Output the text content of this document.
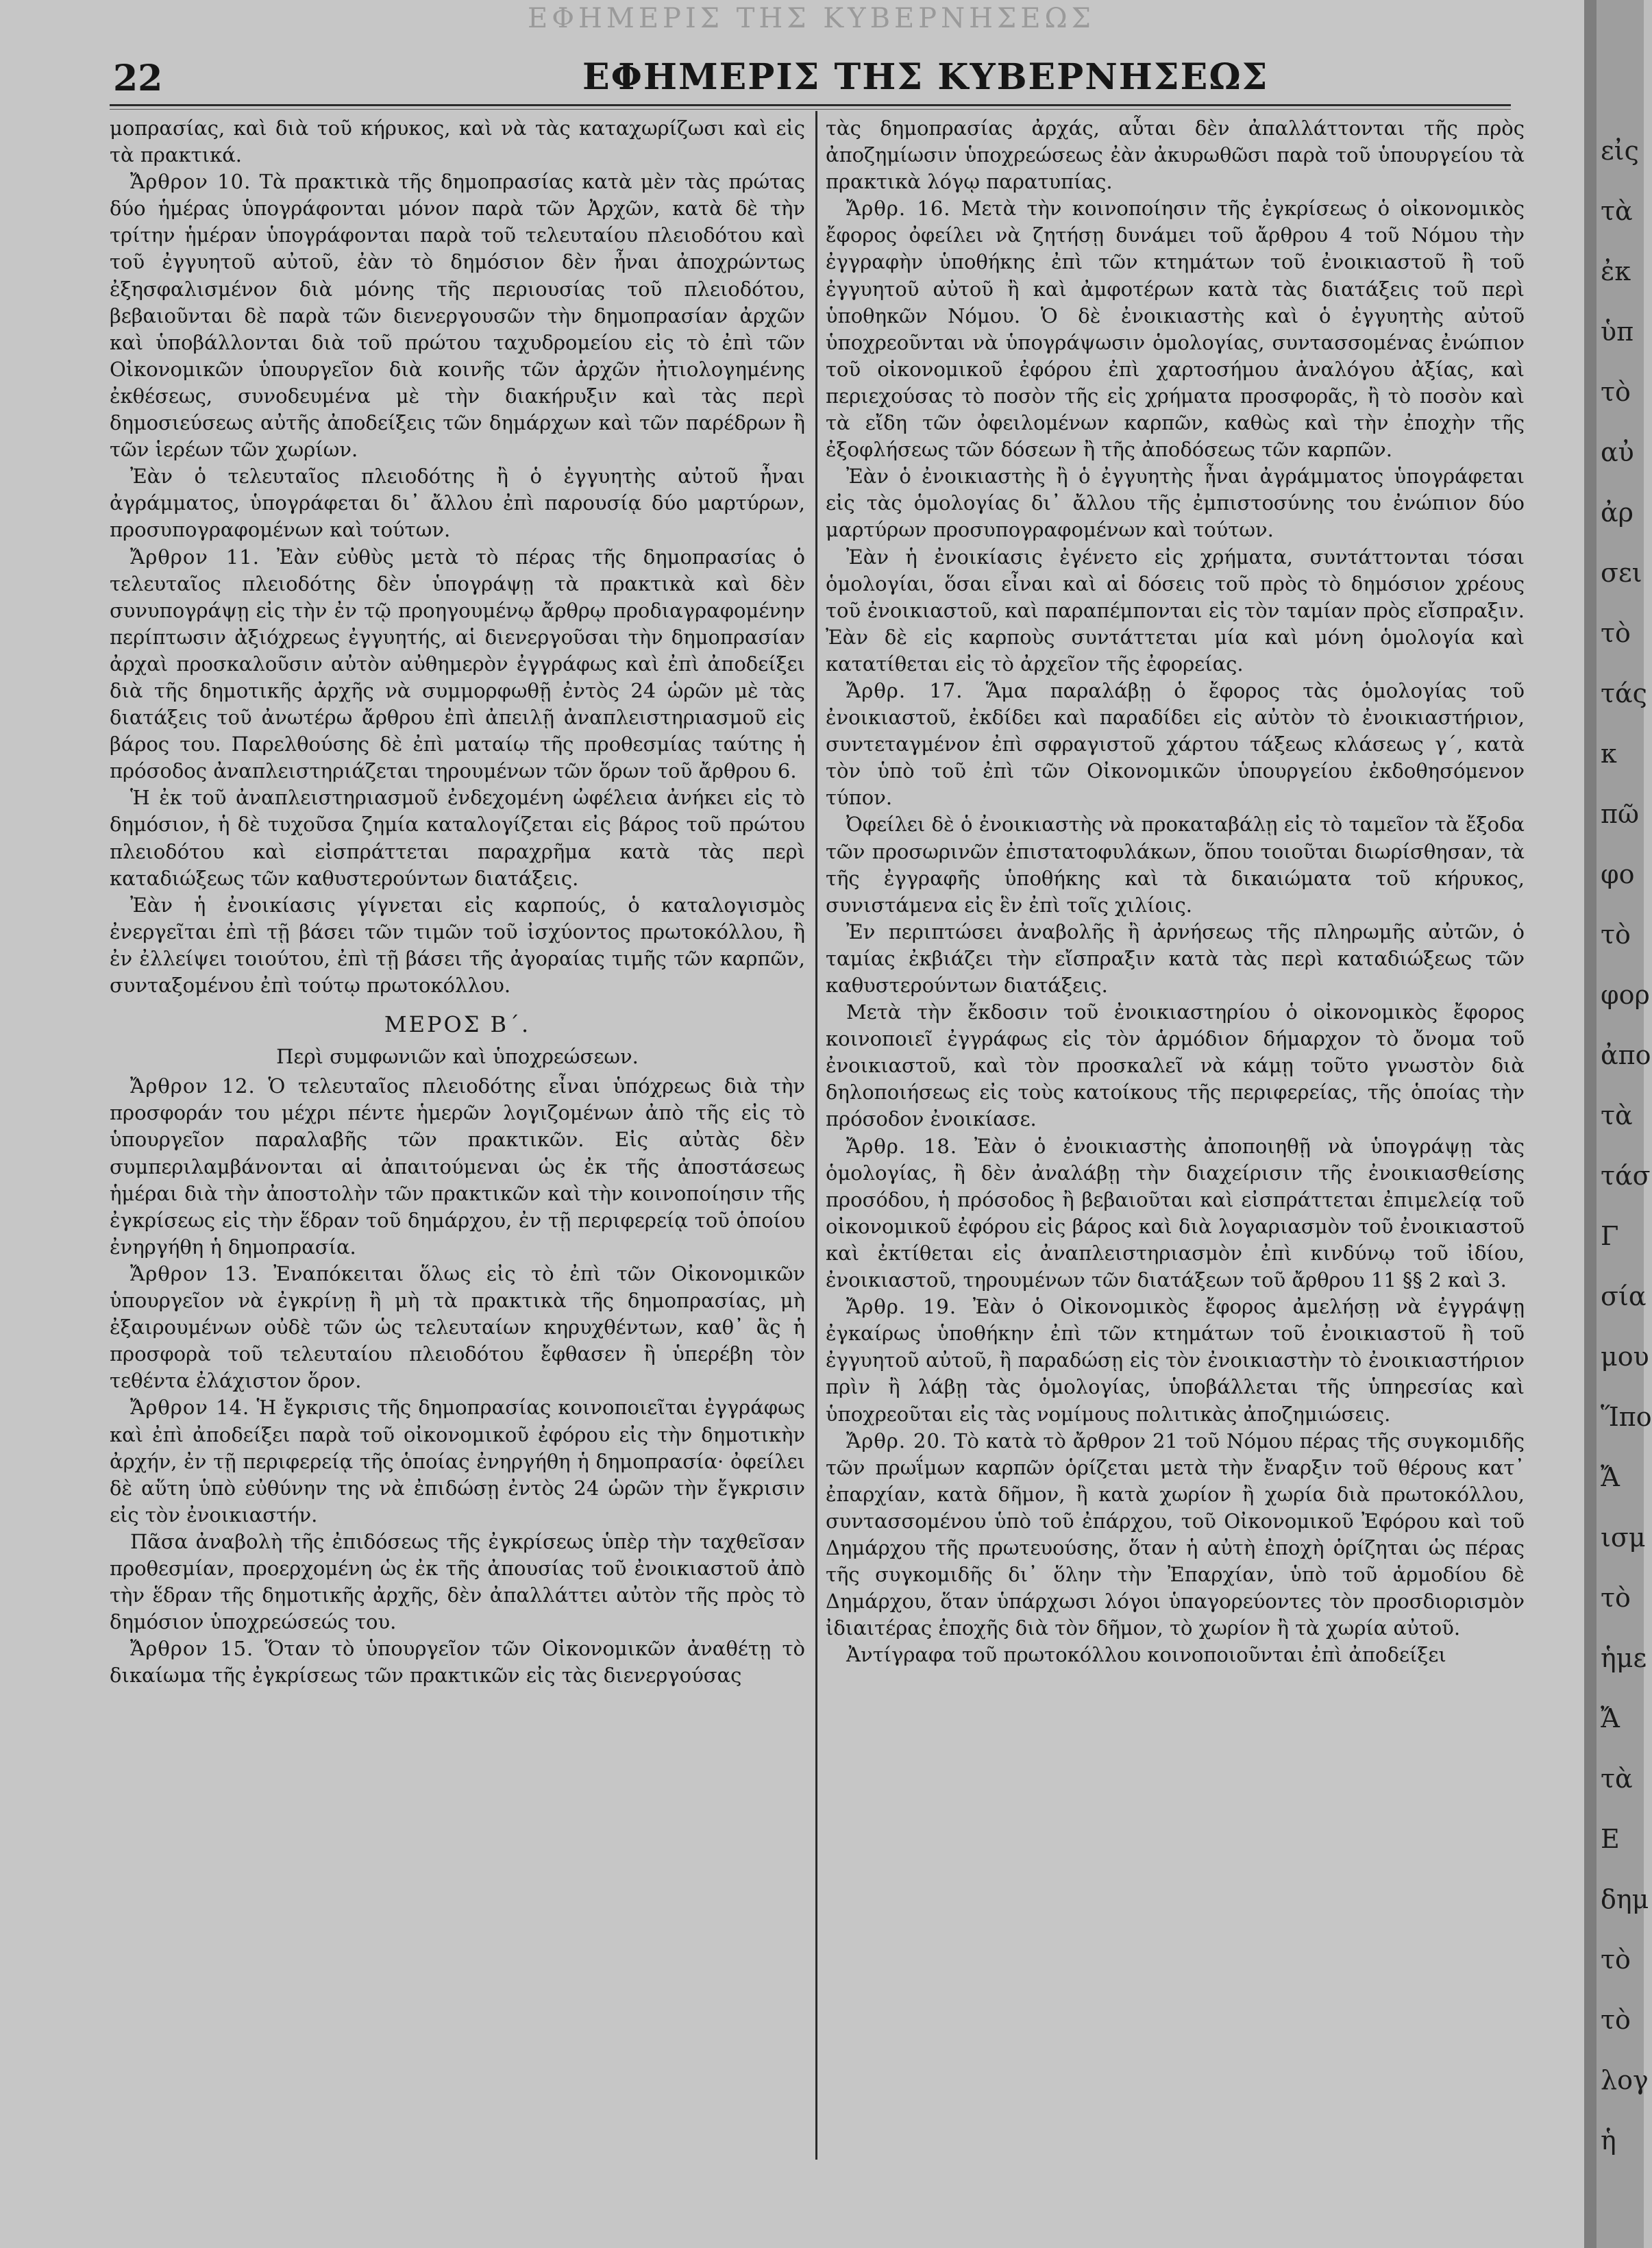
ΕΦΗΜΕΡΙΣ ΤΗΣ ΚΥΒΕΡΝΗΣΕΩΣ
22	ΕΦΗΜΕΡΙΣ ΤΗΣ ΚΥΒΕΡΝΗΣΕΩΣ

μοπρασίας, καὶ διὰ τοῦ κήρυκος, καὶ νὰ τὰς καταχωρίζωσι καὶ εἰς τὰ πρακτικά.

Ἄρθρον 10. Τὰ πρακτικὰ τῆς δημοπρασίας κατὰ μὲν τὰς πρώτας δύο ἡμέρας ὑπογράφονται μόνον παρὰ τῶν Ἀρχῶν, κατὰ δὲ τὴν τρίτην ἡμέραν ὑπογράφονται παρὰ τοῦ τελευταίου πλειοδότου καὶ τοῦ ἐγγυητοῦ αὐτοῦ, ἐὰν τὸ δημόσιον δὲν ἦναι ἀποχρώντως ἐξησφαλισμένον διὰ μόνης τῆς περιουσίας τοῦ πλειοδότου, βεβαιοῦνται δὲ παρὰ τῶν διενεργουσῶν τὴν δημοπρασίαν ἀρχῶν καὶ ὑποβάλλονται διὰ τοῦ πρώτου ταχυδρομείου εἰς τὸ ἐπὶ τῶν Οἰκονομικῶν ὑπουργεῖον διὰ κοινῆς τῶν ἀρχῶν ἠτιολογημένης ἐκθέσεως, συνοδευμένα μὲ τὴν διακήρυξιν καὶ τὰς περὶ δημοσιεύσεως αὐτῆς ἀποδείξεις τῶν δημάρχων καὶ τῶν παρέδρων ἢ τῶν ἱερέων τῶν χωρίων.

Ἐὰν ὁ τελευταῖος πλειοδότης ἢ ὁ ἐγγυητὴς αὐτοῦ ἦναι ἀγράμματος, ὑπογράφεται δι᾽ ἄλλου ἐπὶ παρουσίᾳ δύο μαρτύρων, προσυπογραφομένων καὶ τούτων.

Ἄρθρον 11. Ἐὰν εὐθὺς μετὰ τὸ πέρας τῆς δημοπρασίας ὁ τελευταῖος πλειοδότης δὲν ὑπογράψῃ τὰ πρακτικὰ καὶ δὲν συνυπογράψῃ εἰς τὴν ἐν τῷ προηγουμένῳ ἄρθρῳ προδιαγραφομένην περίπτωσιν ἀξιόχρεως ἐγγυητής, αἱ διενεργοῦσαι τὴν δημοπρασίαν ἀρχαὶ προσκαλοῦσιν αὐτὸν αὐθημερὸν ἐγγράφως καὶ ἐπὶ ἀποδείξει διὰ τῆς δημοτικῆς ἀρχῆς νὰ συμμορφωθῇ ἐντὸς 24 ὡρῶν μὲ τὰς διατάξεις τοῦ ἀνωτέρω ἄρθρου ἐπὶ ἀπειλῇ ἀναπλειστηριασμοῦ εἰς βάρος του. Παρελθούσης δὲ ἐπὶ ματαίῳ τῆς προθεσμίας ταύτης ἡ πρόσοδος ἀναπλειστηριάζεται τηρουμένων τῶν ὅρων τοῦ ἄρθρου 6.

Ἡ ἐκ τοῦ ἀναπλειστηριασμοῦ ἐνδεχομένη ὠφέλεια ἀνήκει εἰς τὸ δημόσιον, ἡ δὲ τυχοῦσα ζημία καταλογίζεται εἰς βάρος τοῦ πρώτου πλειοδότου καὶ εἰσπράττεται παραχρῆμα κατὰ τὰς περὶ καταδιώξεως τῶν καθυστερούντων διατάξεις.

Ἐὰν ἡ ἐνοικίασις γίγνεται εἰς καρπούς, ὁ καταλογισμὸς ἐνεργεῖται ἐπὶ τῇ βάσει τῶν τιμῶν τοῦ ἰσχύοντος πρωτοκόλλου, ἢ ἐν ἐλλείψει τοιούτου, ἐπὶ τῇ βάσει τῆς ἀγοραίας τιμῆς τῶν καρπῶν, συνταξομένου ἐπὶ τούτῳ πρωτοκόλλου.

ΜΕΡΟΣ Β΄.
Περὶ συμφωνιῶν καὶ ὑποχρεώσεων.

Ἄρθρον 12. Ὁ τελευταῖος πλειοδότης εἶναι ὑπόχρεως διὰ τὴν προσφοράν του μέχρι πέντε ἡμερῶν λογιζομένων ἀπὸ τῆς εἰς τὸ ὑπουργεῖον παραλαβῆς τῶν πρακτικῶν. Εἰς αὐτὰς δὲν συμπεριλαμβάνονται αἱ ἀπαιτούμεναι ὡς ἐκ τῆς ἀποστάσεως ἡμέραι διὰ τὴν ἀποστολὴν τῶν πρακτικῶν καὶ τὴν κοινοποίησιν τῆς ἐγκρίσεως εἰς τὴν ἕδραν τοῦ δημάρχου, ἐν τῇ περιφερείᾳ τοῦ ὁποίου ἐνηργήθη ἡ δημοπρασία.

Ἄρθρον 13. Ἐναπόκειται ὅλως εἰς τὸ ἐπὶ τῶν Οἰκονομικῶν ὑπουργεῖον νὰ ἐγκρίνῃ ἢ μὴ τὰ πρακτικὰ τῆς δημοπρασίας, μὴ ἐξαιρουμένων οὐδὲ τῶν ὡς τελευταίων κηρυχθέντων, καθ᾽ ἃς ἡ προσφορὰ τοῦ τελευταίου πλειοδότου ἔφθασεν ἢ ὑπερέβη τὸν τεθέντα ἐλάχιστον ὅρον.

Ἄρθρον 14. Ἡ ἔγκρισις τῆς δημοπρασίας κοινοποιεῖται ἐγγράφως καὶ ἐπὶ ἀποδείξει παρὰ τοῦ οἰκονομικοῦ ἐφόρου εἰς τὴν δημοτικὴν ἀρχήν, ἐν τῇ περιφερείᾳ τῆς ὁποίας ἐνηργήθη ἡ δημοπρασία· ὀφείλει δὲ αὕτη ὑπὸ εὐθύνην της νὰ ἐπιδώσῃ ἐντὸς 24 ὡρῶν τὴν ἔγκρισιν εἰς τὸν ἐνοικιαστήν.

Πᾶσα ἀναβολὴ τῆς ἐπιδόσεως τῆς ἐγκρίσεως ὑπὲρ τὴν ταχθεῖσαν προθεσμίαν, προερχομένη ὡς ἐκ τῆς ἀπουσίας τοῦ ἐνοικιαστοῦ ἀπὸ τὴν ἕδραν τῆς δημοτικῆς ἀρχῆς, δὲν ἀπαλλάττει αὐτὸν τῆς πρὸς τὸ δημόσιον ὑποχρεώσεώς του.

Ἄρθρον 15. Ὅταν τὸ ὑπουργεῖον τῶν Οἰκονομικῶν ἀναθέτῃ τὸ δικαίωμα τῆς ἐγκρίσεως τῶν πρακτικῶν εἰς τὰς διενεργούσας

τὰς δημοπρασίας ἀρχάς, αὗται δὲν ἀπαλλάττονται τῆς πρὸς ἀποζημίωσιν ὑποχρεώσεως ἐὰν ἀκυρωθῶσι παρὰ τοῦ ὑπουργείου τὰ πρακτικὰ λόγῳ παρατυπίας.

Ἄρθρ. 16. Μετὰ τὴν κοινοποίησιν τῆς ἐγκρίσεως ὁ οἰκονομικὸς ἔφορος ὀφείλει νὰ ζητήσῃ δυνάμει τοῦ ἄρθρου 4 τοῦ Νόμου τὴν ἐγγραφὴν ὑποθήκης ἐπὶ τῶν κτημάτων τοῦ ἐνοικιαστοῦ ἢ τοῦ ἐγγυητοῦ αὐτοῦ ἢ καὶ ἀμφοτέρων κατὰ τὰς διατάξεις τοῦ περὶ ὑποθηκῶν Νόμου. Ὁ δὲ ἐνοικιαστὴς καὶ ὁ ἐγγυητὴς αὐτοῦ ὑποχρεοῦνται νὰ ὑπογράψωσιν ὁμολογίας, συντασσομένας ἐνώπιον τοῦ οἰκονομικοῦ ἐφόρου ἐπὶ χαρτοσήμου ἀναλόγου ἀξίας, καὶ περιεχούσας τὸ ποσὸν τῆς εἰς χρήματα προσφορᾶς, ἢ τὸ ποσὸν καὶ τὰ εἴδη τῶν ὀφειλομένων καρπῶν, καθὼς καὶ τὴν ἐποχὴν τῆς ἐξοφλήσεως τῶν δόσεων ἢ τῆς ἀποδόσεως τῶν καρπῶν.

Ἐὰν ὁ ἐνοικιαστὴς ἢ ὁ ἐγγυητὴς ἦναι ἀγράμματος ὑπογράφεται εἰς τὰς ὁμολογίας δι᾽ ἄλλου τῆς ἐμπιστοσύνης του ἐνώπιον δύο μαρτύρων προσυπογραφομένων καὶ τούτων.

Ἐὰν ἡ ἐνοικίασις ἐγένετο εἰς χρήματα, συντάττονται τόσαι ὁμολογίαι, ὅσαι εἶναι καὶ αἱ δόσεις τοῦ πρὸς τὸ δημόσιον χρέους τοῦ ἐνοικιαστοῦ, καὶ παραπέμπονται εἰς τὸν ταμίαν πρὸς εἴσπραξιν. Ἐὰν δὲ εἰς καρποὺς συντάττεται μία καὶ μόνη ὁμολογία καὶ κατατίθεται εἰς τὸ ἀρχεῖον τῆς ἐφορείας.

Ἄρθρ. 17. Ἅμα παραλάβῃ ὁ ἔφορος τὰς ὁμολογίας τοῦ ἐνοικιαστοῦ, ἐκδίδει καὶ παραδίδει εἰς αὐτὸν τὸ ἐνοικιαστήριον, συντεταγμένον ἐπὶ σφραγιστοῦ χάρτου τάξεως κλάσεως γ΄, κατὰ τὸν ὑπὸ τοῦ ἐπὶ τῶν Οἰκονομικῶν ὑπουργείου ἐκδοθησόμενον τύπον.

Ὀφείλει δὲ ὁ ἐνοικιαστὴς νὰ προκαταβάλῃ εἰς τὸ ταμεῖον τὰ ἔξοδα τῶν προσωρινῶν ἐπιστατοφυλάκων, ὅπου τοιοῦται διωρίσθησαν, τὰ τῆς ἐγγραφῆς ὑποθήκης καὶ τὰ δικαιώματα τοῦ κήρυκος, συνιστάμενα εἰς ἓν ἐπὶ τοῖς χιλίοις.

Ἐν περιπτώσει ἀναβολῆς ἢ ἀρνήσεως τῆς πληρωμῆς αὐτῶν, ὁ ταμίας ἐκβιάζει τὴν εἴσπραξιν κατὰ τὰς περὶ καταδιώξεως τῶν καθυστερούντων διατάξεις.

Μετὰ τὴν ἔκδοσιν τοῦ ἐνοικιαστηρίου ὁ οἰκονομικὸς ἔφορος κοινοποιεῖ ἐγγράφως εἰς τὸν ἁρμόδιον δήμαρχον τὸ ὄνομα τοῦ ἐνοικιαστοῦ, καὶ τὸν προσκαλεῖ νὰ κάμῃ τοῦτο γνωστὸν διὰ δηλοποιήσεως εἰς τοὺς κατοίκους τῆς περιφερείας, τῆς ὁποίας τὴν πρόσοδον ἐνοικίασε.

Ἄρθρ. 18. Ἐὰν ὁ ἐνοικιαστὴς ἀποποιηθῇ νὰ ὑπογράψῃ τὰς ὁμολογίας, ἢ δὲν ἀναλάβῃ τὴν διαχείρισιν τῆς ἐνοικιασθείσης προσόδου, ἡ πρόσοδος ἢ βεβαιοῦται καὶ εἰσπράττεται ἐπιμελείᾳ τοῦ οἰκονομικοῦ ἐφόρου εἰς βάρος καὶ διὰ λογαριασμὸν τοῦ ἐνοικιαστοῦ καὶ ἐκτίθεται εἰς ἀναπλειστηριασμὸν ἐπὶ κινδύνῳ τοῦ ἰδίου, ἐνοικιαστοῦ, τηρουμένων τῶν διατάξεων τοῦ ἄρθρου 11 §§ 2 καὶ 3.

Ἄρθρ. 19. Ἐὰν ὁ Οἰκονομικὸς ἔφορος ἀμελήσῃ νὰ ἐγγράψῃ ἐγκαίρως ὑποθήκην ἐπὶ τῶν κτημάτων τοῦ ἐνοικιαστοῦ ἢ τοῦ ἐγγυητοῦ αὐτοῦ, ἢ παραδώσῃ εἰς τὸν ἐνοικιαστὴν τὸ ἐνοικιαστήριον πρὶν ἢ λάβῃ τὰς ὁμολογίας, ὑποβάλλεται τῆς ὑπηρεσίας καὶ ὑποχρεοῦται εἰς τὰς νομίμους πολιτικὰς ἀποζημιώσεις.

Ἄρθρ. 20. Τὸ κατὰ τὸ ἄρθρον 21 τοῦ Νόμου πέρας τῆς συγκομιδῆς τῶν πρωΐμων καρπῶν ὁρίζεται μετὰ τὴν ἔναρξιν τοῦ θέρους κατ᾽ ἐπαρχίαν, κατὰ δῆμον, ἢ κατὰ χωρίον ἢ χωρία διὰ πρωτοκόλλου, συντασσομένου ὑπὸ τοῦ ἐπάρχου, τοῦ Οἰκονομικοῦ Ἐφόρου καὶ τοῦ Δημάρχου τῆς πρωτευούσης, ὅταν ἡ αὐτὴ ἐποχὴ ὁρίζηται ὡς πέρας τῆς συγκομιδῆς δι᾽ ὅλην τὴν Ἐπαρχίαν, ὑπὸ τοῦ ἁρμοδίου δὲ Δημάρχου, ὅταν ὑπάρχωσι λόγοι ὑπαγορεύοντες τὸν προσδιορισμὸν ἰδιαιτέρας ἐποχῆς διὰ τὸν δῆμον, τὸ χωρίον ἢ τὰ χωρία αὐτοῦ.

Ἀντίγραφα τοῦ πρωτοκόλλου κοινοποιοῦνται ἐπὶ ἀποδείξει

εἰς
τὰ
ἐκ
ὑπ
τὸ
αὐ
ἀρ
σει
τὸ
τάς
κ
πῶ
φο
τὸ
φορ
ἀπο
τὰ
τάσ
Γ
σία
μου
Ἵπο
Ἄ
ισμ
τὸ
ἡμε
Ἄ
τὰ
Ε
δημ
τὸ
τὸ
λογ
ἡ
